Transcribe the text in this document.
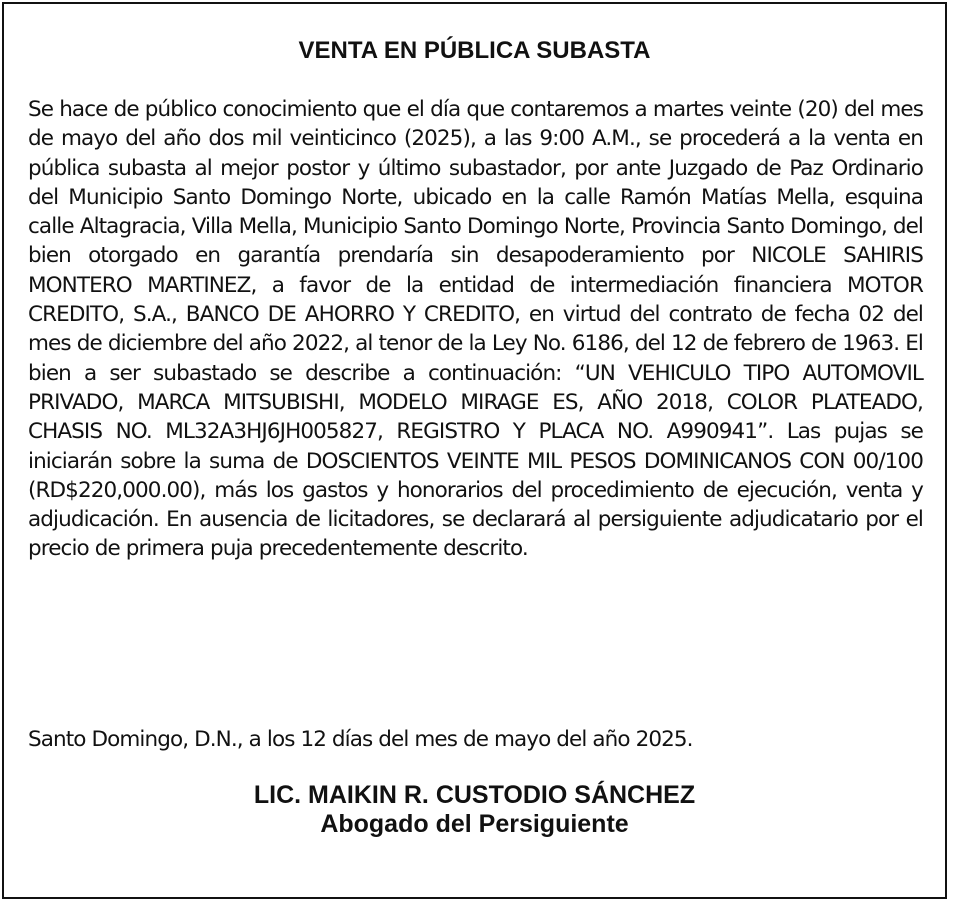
VENTA EN PÚBLICA SUBASTA

Se hace de público conocimiento que el día que contaremos a martes veinte (20) del mes de mayo del año dos mil veinticinco (2025), a las 9:00 A.M., se procederá a la venta en pública subasta al mejor postor y último subastador, por ante Juzgado de Paz Ordinario del Municipio Santo Domingo Norte, ubicado en la calle Ramón Matías Mella, esquina calle Altagracia, Villa Mella, Municipio Santo Domingo Norte, Provincia Santo Domingo, del bien otorgado en garantía prendaría sin desapoderamiento por NICOLE SAHIRIS MONTERO MARTINEZ, a favor de la entidad de intermediación financiera MOTOR CREDITO, S.A., BANCO DE AHORRO Y CREDITO, en virtud del contrato de fecha 02 del mes de diciembre del año 2022, al tenor de la Ley No. 6186, del 12 de febrero de 1963. El bien a ser subastado se describe a continuación: “UN VEHICULO TIPO AUTOMOVIL PRIVADO, MARCA MITSUBISHI, MODELO MIRAGE ES, AÑO 2018, COLOR PLATEADO, CHASIS NO. ML32A3HJ6JH005827, REGISTRO Y PLACA NO. A990941”. Las pujas se iniciarán sobre la suma de DOSCIENTOS VEINTE MIL PESOS DOMINICANOS CON 00/100 (RD$220,000.00), más los gastos y honorarios del procedimiento de ejecución, venta y adjudicación. En ausencia de licitadores, se declarará al persiguiente adjudicatario por el precio de primera puja precedentemente descrito.

Santo Domingo, D.N., a los 12 días del mes de mayo del año 2025.

LIC. MAIKIN R. CUSTODIO SÁNCHEZ

Abogado del Persiguiente
